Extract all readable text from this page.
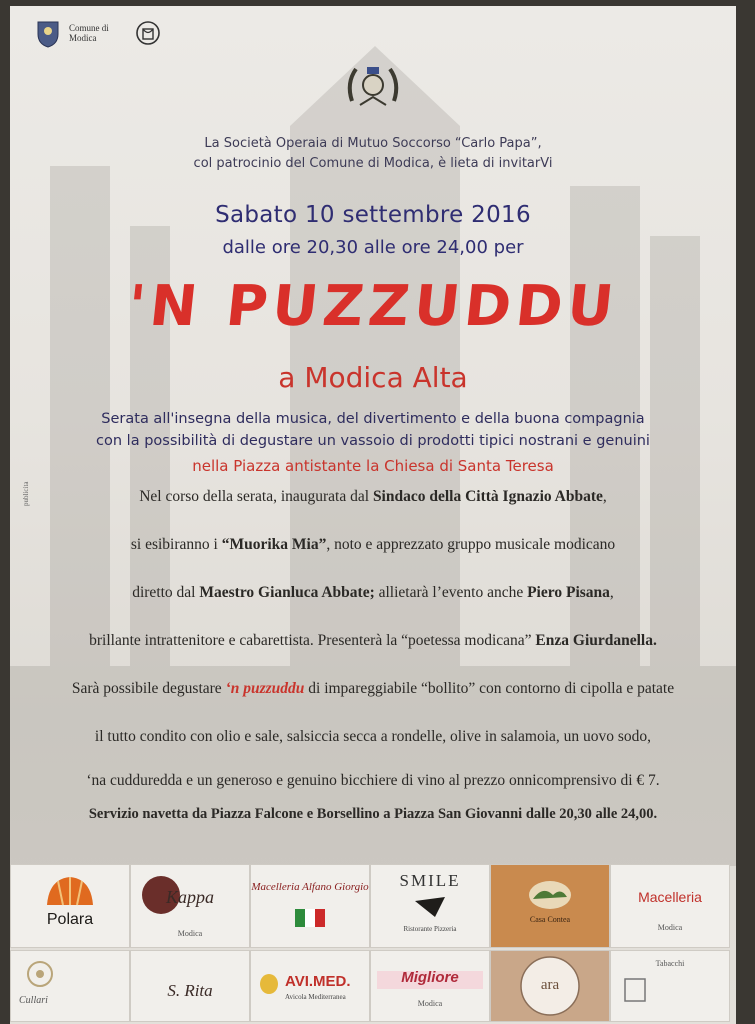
Comune di Modica
La Società Operaia di Mutuo Soccorso “Carlo Papa”,
col patrocinio del Comune di Modica, è lieta di invitarVi
Sabato 10 settembre 2016
dalle ore 20,30 alle ore 24,00 per
'N PUZZUDDU
a Modica Alta
Serata all'insegna della musica, del divertimento e della buona compagnia
con la possibilità di degustare un vassoio di prodotti tipici nostrani e genuini
nella Piazza antistante la Chiesa di Santa Teresa
publicita	Nel corso della serata, inaugurata dal Sindaco della Città Ignazio Abbate,
si esibiranno i “Muorika Mia”, noto e apprezzato gruppo musicale modicano
diretto dal Maestro Gianluca Abbate; allietarà l’evento anche Piero Pisana,
brillante intrattenitore e cabarettista. Presenterà la “poetessa modicana” Enza Giurdanella.
Sarà possibile degustare ‘n puzzuddu di impareggiabile “bollito” con contorno di cipolla e patate
il tutto condito con olio e sale, salsiccia secca a rondelle, olive in salamoia, un uovo sodo,
‘na cuddureddа e un generoso e genuino bicchiere di vino al prezzo onnicomprensivo di € 7.
Servizio navetta da Piazza Falcone e Borsellino a Piazza San Giovanni dalle 20,30 alle 24,00.
Polara
Kappa
Modica
Macelleria Alfano Giorgio	SMILE
Ristorante Pizzeria
Casa Contea
Macelleria
Modica
Cullari
S. Rita	AVI.MED.
Avicola Mediterranea
Migliore
Modica
ara
Tabacchi
